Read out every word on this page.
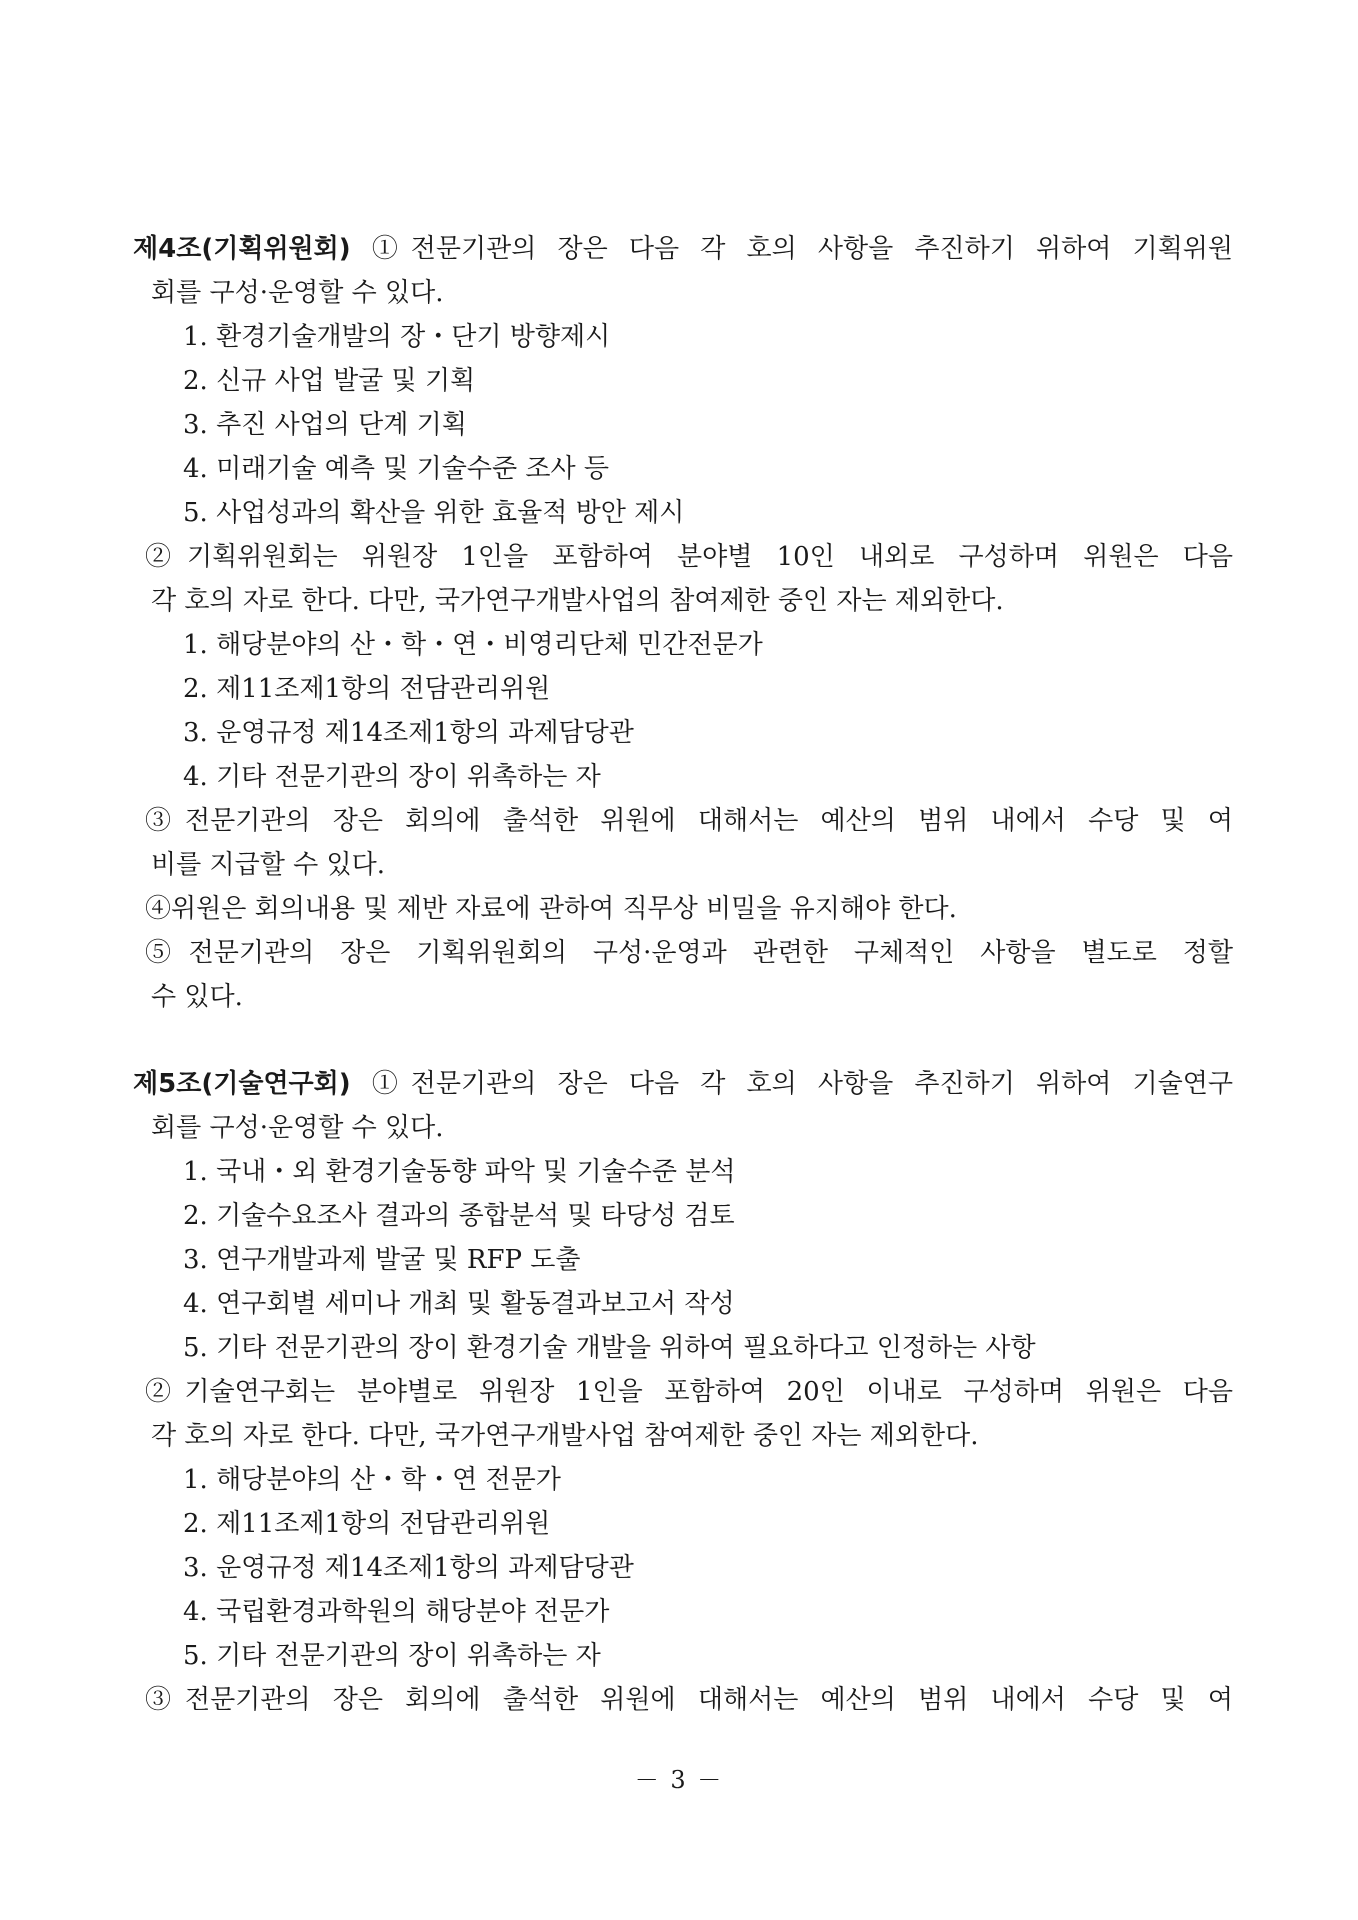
제4조(기획위원회) ①전문기관의 장은 다음 각 호의 사항을 추진하기 위하여 기획위원
회를 구성·운영할 수 있다.
1. 환경기술개발의 장・단기 방향제시
2. 신규 사업 발굴 및 기획
3. 추진 사업의 단계 기획
4. 미래기술 예측 및 기술수준 조사 등
5. 사업성과의 확산을 위한 효율적 방안 제시
②기획위원회는 위원장 1인을 포함하여 분야별 10인 내외로 구성하며 위원은 다음
각 호의 자로 한다. 다만, 국가연구개발사업의 참여제한 중인 자는 제외한다.
1. 해당분야의 산・학・연・비영리단체 민간전문가
2. 제11조제1항의 전담관리위원
3. 운영규정 제14조제1항의 과제담당관
4. 기타 전문기관의 장이 위촉하는 자
③전문기관의 장은 회의에 출석한 위원에 대해서는 예산의 범위 내에서 수당 및 여
비를 지급할 수 있다.
④위원은 회의내용 및 제반 자료에 관하여 직무상 비밀을 유지해야 한다.
⑤전문기관의 장은 기획위원회의 구성·운영과 관련한 구체적인 사항을 별도로 정할
수 있다.
제5조(기술연구회) ①전문기관의 장은 다음 각 호의 사항을 추진하기 위하여 기술연구
회를 구성·운영할 수 있다.
1. 국내・외 환경기술동향 파악 및 기술수준 분석
2. 기술수요조사 결과의 종합분석 및 타당성 검토
3. 연구개발과제 발굴 및 RFP 도출
4. 연구회별 세미나 개최 및 활동결과보고서 작성
5. 기타 전문기관의 장이 환경기술 개발을 위하여 필요하다고 인정하는 사항
②기술연구회는 분야별로 위원장 1인을 포함하여 20인 이내로 구성하며 위원은 다음
각 호의 자로 한다. 다만, 국가연구개발사업 참여제한 중인 자는 제외한다.
1. 해당분야의 산・학・연 전문가
2. 제11조제1항의 전담관리위원
3. 운영규정 제14조제1항의 과제담당관
4. 국립환경과학원의 해당분야 전문가
5. 기타 전문기관의 장이 위촉하는 자
③전문기관의 장은 회의에 출석한 위원에 대해서는 예산의 범위 내에서 수당 및 여
－ 3 －
